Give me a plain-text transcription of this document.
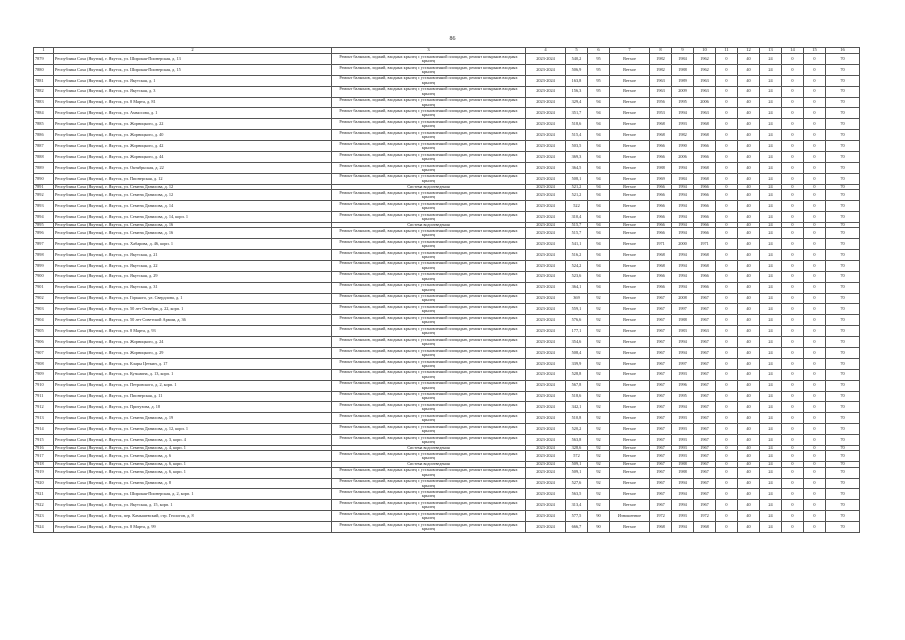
86
1	2	3	4	5	6	7	8	9	10	11	12	13	14	15	16
7879	Республика Саха (Якутия), г. Якутск, ул. Широкая-Пионерская, д. 13	Ремонт балконов, лоджий, входных крылец с установленной площадью, ремонт козырьков входных крылец	2023-2024	540,2	95	Ветхое	1982	1984	1962	0	40	24	0	0	70
7880	Республика Саха (Якутия), г. Якутск, ул. Широкая-Пионерская, д. 15	Ремонт балконов, лоджий, входных крылец с установленной площадью, ремонт козырьков входных крылец	2023-2024	506,9	95	Ветхое	1982	1988	1962	0	40	24	0	0	70
7881	Республика Саха (Якутия), г. Якутск, ул. Якутская, д. 1	Ремонт балконов, лоджий, входных крылец с установленной площадью, ремонт козырьков входных крылец	2023-2024	163,8	95	Ветхое	1963	1989	1963	0	40	24	0	0	70
7882	Республика Саха (Якутия), г. Якутск, ул. Якутская, д. 3	Ремонт балконов, лоджий, входных крылец с установленной площадью, ремонт козырьков входных крылец	2023-2024	156,3	95	Ветхое	1963	2009	1963	0	40	24	0	0	70
7883	Республика Саха (Якутия), г. Якутск, ул. 8 Марта, д. 81	Ремонт балконов, лоджий, входных крылец с установленной площадью, ремонт козырьков входных крылец	2023-2024	329,4	94	Ветхое	1956	1995	2006	0	40	24	0	0	70
7884	Республика Саха (Якутия), г. Якутск, ул. Аммосова, д. 1	Ремонт балконов, лоджий, входных крылец с установленной площадью, ремонт козырьков входных крылец	2023-2024	351,7	94	Ветхое	1953	1994	1963	0	40	24	0	0	70
7885	Республика Саха (Якутия), г. Якутск, ул. Жорницкого, д. 22	Ремонт балконов, лоджий, входных крылец с установленной площадью, ремонт козырьков входных крылец	2023-2024	518,6	94	Ветхое	1968	1993	1968	0	40	24	0	0	70
7886	Республика Саха (Якутия), г. Якутск, ул. Жорницкого, д. 40	Ремонт балконов, лоджий, входных крылец с установленной площадью, ремонт козырьков входных крылец	2023-2024	515,4	94	Ветхое	1968	1982	1968	0	40	24	0	0	70
7887	Республика Саха (Якутия), г. Якутск, ул. Жорницкого, д. 42	Ремонт балконов, лоджий, входных крылец с установленной площадью, ремонт козырьков входных крылец	2023-2024	503,5	94	Ветхое	1966	1990	1966	0	40	24	0	0	70
7888	Республика Саха (Якутия), г. Якутск, ул. Жорницкого, д. 44	Ремонт балконов, лоджий, входных крылец с установленной площадью, ремонт козырьков входных крылец	2023-2024	369,3	94	Ветхое	1966	2006	1966	0	40	24	0	0	70
7889	Республика Саха (Якутия), г. Якутск, ул. Октябрьская, д. 22	Ремонт балконов, лоджий, входных крылец с установленной площадью, ремонт козырьков входных крылец	2023-2024	364,5	94	Ветхое	1988	1994	1968	0	40	24	0	0	70
7890	Республика Саха (Якутия), г. Якутск, ул. Пионерская, д. 12	Ремонт балконов, лоджий, входных крылец с установленной площадью, ремонт козырьков входных крылец	2023-2024	508,1	94	Ветхое	1969	1984	1968	0	40	24	0	0	70
7891	Республика Саха (Якутия), г. Якутск, ул. Семена Данилова, д. 12	Система водоотведения	2023-2024	521,2	94	Ветхое	1966	1994	1966	0	40	24	0	0	70
7892	Республика Саха (Якутия), г. Якутск, ул. Семена Данилова, д. 12	Ремонт балконов, лоджий, входных крылец с установленной площадью, ремонт козырьков входных крылец	2023-2024	521,2	94	Ветхое	1966	1994	1966	0	40	24	0	0	70
7893	Республика Саха (Якутия), г. Якутск, ул. Семена Данилова, д. 14	Ремонт балконов, лоджий, входных крылец с установленной площадью, ремонт козырьков входных крылец	2023-2024	522	94	Ветхое	1966	1994	1966	0	40	24	0	0	70
7894	Республика Саха (Якутия), г. Якутск, ул. Семена Данилова, д. 14, корп. 1	Ремонт балконов, лоджий, входных крылец с установленной площадью, ремонт козырьков входных крылец	2023-2024	310,4	94	Ветхое	1966	1994	1966	0	40	24	0	0	70
7895	Республика Саха (Якутия), г. Якутск, ул. Семена Данилова, д. 16	Система водоотведения	2023-2024	515,7	94	Ветхое	1966	1994	1966	0	40	24	0	0	70
7896	Республика Саха (Якутия), г. Якутск, ул. Семена Данилова, д. 16	Ремонт балконов, лоджий, входных крылец с установленной площадью, ремонт козырьков входных крылец	2023-2024	515,7	94	Ветхое	1966	1994	1966	0	40	24	0	0	70
7897	Республика Саха (Якутия), г. Якутск, ул. Хабарова, д. 46, корп. 1	Ремонт балконов, лоджий, входных крылец с установленной площадью, ремонт козырьков входных крылец	2023-2024	541,1	94	Ветхое	1971	2000	1971	0	40	24	0	0	70
7898	Республика Саха (Якутия), г. Якутск, ул. Якутская, д. 21	Ремонт балконов, лоджий, входных крылец с установленной площадью, ремонт козырьков входных крылец	2023-2024	516,2	94	Ветхое	1968	1994	1968	0	40	24	0	0	70
7899	Республика Саха (Якутия), г. Якутск, ул. Якутская, д. 22	Ремонт балконов, лоджий, входных крылец с установленной площадью, ремонт козырьков входных крылец	2023-2024	524,2	94	Ветхое	1968	1994	1968	0	40	24	0	0	70
7900	Республика Саха (Якутия), г. Якутск, ул. Якутская, д. 29	Ремонт балконов, лоджий, входных крылец с установленной площадью, ремонт козырьков входных крылец	2023-2024	523,6	94	Ветхое	1966	1994	1966	0	40	24	0	0	70
7901	Республика Саха (Якутия), г. Якутск, ул. Якутская, д. 31	Ремонт балконов, лоджий, входных крылец с установленной площадью, ремонт козырьков входных крылец	2023-2024	364,1	94	Ветхое	1966	1994	1966	0	40	24	0	0	70
7902	Республика Саха (Якутия), г. Якутск, ул. Горького, ул. Свердлова, д. 1	Ремонт балконов, лоджий, входных крылец с установленной площадью, ремонт козырьков входных крылец	2023-2024	369	92	Ветхое	1967	2008	1967	0	40	24	0	0	70
7903	Республика Саха (Якутия), г. Якутск, ул. 50 лет Октября, д. 22, корп. 1	Ремонт балконов, лоджий, входных крылец с установленной площадью, ремонт козырьков входных крылец	2023-2024	559,1	92	Ветхое	1967	1997	1967	0	40	24	0	0	70
7904	Республика Саха (Якутия), г. Якутск, ул. 50 лет Советской Армии, д. 36	Ремонт балконов, лоджий, входных крылец с установленной площадью, ремонт козырьков входных крылец	2023-2024	576,6	92	Ветхое	1967	1988	1967	0	40	24	0	0	70
7905	Республика Саха (Якутия), г. Якутск, ул. 8 Марта, д. 93	Ремонт балконов, лоджий, входных крылец с установленной площадью, ремонт козырьков входных крылец	2023-2024	177,1	92	Ветхое	1967	1983	1963	0	40	24	0	0	70
7906	Республика Саха (Якутия), г. Якутск, ул. Жорницкого, д. 24	Ремонт балконов, лоджий, входных крылец с установленной площадью, ремонт козырьков входных крылец	2023-2024	354,6	92	Ветхое	1967	1994	1967	0	40	24	0	0	70
7907	Республика Саха (Якутия), г. Якутск, ул. Жорницкого, д. 29	Ремонт балконов, лоджий, входных крылец с установленной площадью, ремонт козырьков входных крылец	2023-2024	508,4	92	Ветхое	1967	1994	1967	0	40	24	0	0	70
7908	Республика Саха (Якутия), г. Якутск, ул. Клары Цеткин, д. 17	Ремонт балконов, лоджий, входных крылец с установленной площадью, ремонт козырьков входных крылец	2023-2024	339,9	92	Ветхое	1967	1997	1967	0	40	24	0	0	70
7909	Республика Саха (Якутия), г. Якутск, ул. Кузьмина, д. 13, корп. 1	Ремонт балконов, лоджий, входных крылец с установленной площадью, ремонт козырьков входных крылец	2023-2024	528,8	92	Ветхое	1967	1993	1967	0	40	24	0	0	70
7910	Республика Саха (Якутия), г. Якутск, ул. Петровского, д. 2, корп. 1	Ремонт балконов, лоджий, входных крылец с установленной площадью, ремонт козырьков входных крылец	2023-2024	567,8	92	Ветхое	1967	1996	1967	0	40	24	0	0	70
7911	Республика Саха (Якутия), г. Якутск, ул. Пионерская, д. 11	Ремонт балконов, лоджий, входных крылец с установленной площадью, ремонт козырьков входных крылец	2023-2024	518,6	92	Ветхое	1967	1995	1967	0	40	24	0	0	70
7912	Республика Саха (Якутия), г. Якутск, ул. Притузова, д. 18	Ремонт балконов, лоджий, входных крылец с установленной площадью, ремонт козырьков входных крылец	2023-2024	342,1	92	Ветхое	1967	1994	1967	0	40	24	0	0	70
7913	Республика Саха (Якутия), г. Якутск, ул. Семена Данилова, д. 19	Ремонт балконов, лоджий, входных крылец с установленной площадью, ремонт козырьков входных крылец	2023-2024	510,8	92	Ветхое	1967	1993	1967	0	40	24	0	0	70
7914	Республика Саха (Якутия), г. Якутск, ул. Семена Данилова, д. 12, корп. 1	Ремонт балконов, лоджий, входных крылец с установленной площадью, ремонт козырьков входных крылец	2023-2024	520,2	92	Ветхое	1967	1993	1967	0	40	24	0	0	70
7915	Республика Саха (Якутия), г. Якутск, ул. Семена Данилова, д. 3, корп. 4	Ремонт балконов, лоджий, входных крылец с установленной площадью, ремонт козырьков входных крылец	2023-2024	563,8	92	Ветхое	1967	1993	1967	0	40	24	0	0	70
7916	Республика Саха (Якутия), г. Якутск, ул. Семена Данилова, д. 4, корп. 1	Система водоотведения	2023-2024	328,6	92	Ветхое	1967	1993	1967	0	40	24	0	0	70
7917	Республика Саха (Якутия), г. Якутск, ул. Семена Данилова, д. 6	Ремонт балконов, лоджий, входных крылец с установленной площадью, ремонт козырьков входных крылец	2023-2024	572	92	Ветхое	1967	1993	1967	0	40	24	0	0	70
7918	Республика Саха (Якутия), г. Якутск, ул. Семена Данилова, д. 6, корп. 1	Система водоотведения	2023-2024	509,1	92	Ветхое	1967	1988	1967	0	40	24	0	0	70
7919	Республика Саха (Якутия), г. Якутск, ул. Семена Данилова, д. 6, корп. 1	Ремонт балконов, лоджий, входных крылец с установленной площадью, ремонт козырьков входных крылец	2023-2024	509,1	92	Ветхое	1967	1988	1967	0	40	24	0	0	70
7920	Республика Саха (Якутия), г. Якутск, ул. Семена Данилова, д. 8	Ремонт балконов, лоджий, входных крылец с установленной площадью, ремонт козырьков входных крылец	2023-2024	527,6	92	Ветхое	1967	1994	1967	0	40	24	0	0	70
7921	Республика Саха (Якутия), г. Якутск, ул. Широкая-Пионерская, д. 2, корп. 1	Ремонт балконов, лоджий, входных крылец с установленной площадью, ремонт козырьков входных крылец	2023-2024	563,5	92	Ветхое	1967	1994	1967	0	40	24	0	0	70
7922	Республика Саха (Якутия), г. Якутск, ул. Якутская, д. 15, корп. 1	Ремонт балконов, лоджий, входных крылец с установленной площадью, ремонт козырьков входных крылец	2023-2024	313,4	92	Ветхое	1967	1994	1967	0	40	24	0	0	70
7923	Республика Саха (Якутия), г. Якутск, пер. Камышевский, стр. Геологов, д. 8	Ремонт балконов, лоджий, входных крылец с установленной площадью, ремонт козырьков входных крылец	2023-2024	577,5	90	Изношенное	1972	1993	1972	0	40	24	0	0	70
7924	Республика Саха (Якутия), г. Якутск, ул. 8 Марта, д. 99	Ремонт балконов, лоджий, входных крылец с установленной площадью, ремонт козырьков входных крылец	2023-2024	666,7	90	Ветхое	1968	1994	1968	0	40	24	0	0	70
